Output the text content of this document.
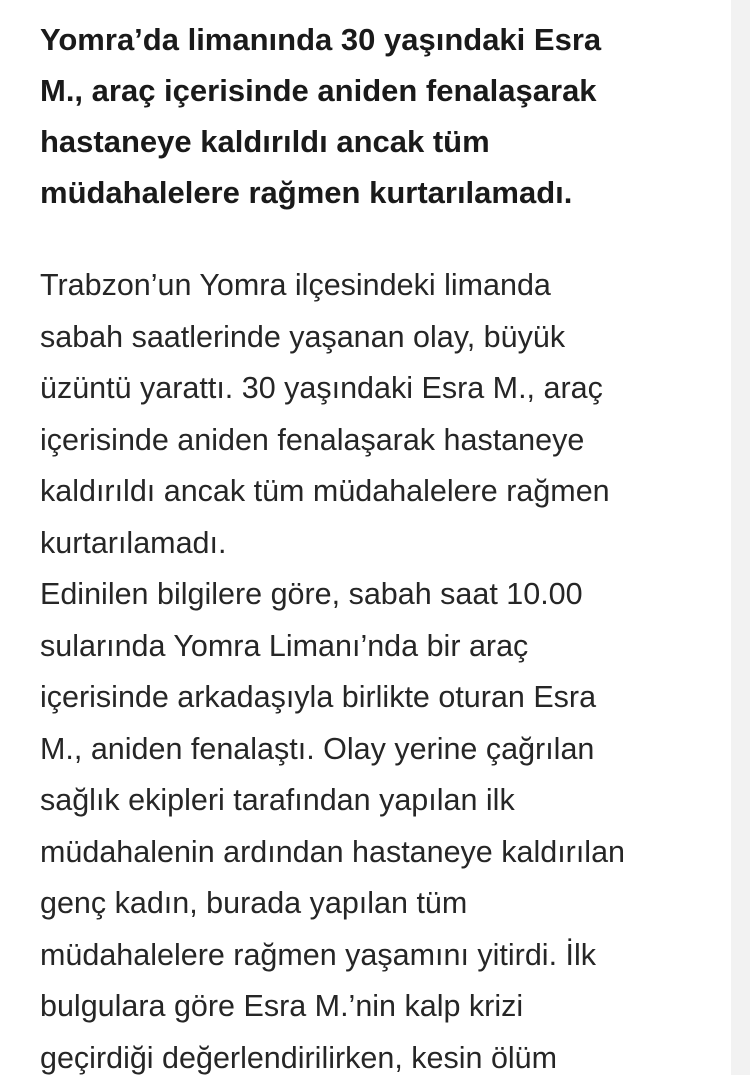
Yomra’da limanında 30 yaşındaki Esra
M., araç içerisinde aniden fenalaşarak
hastaneye kaldırıldı ancak tüm
müdahalelere rağmen kurtarılamadı.

Trabzon’un Yomra ilçesindeki limanda
sabah saatlerinde yaşanan olay, büyük
üzüntü yarattı. 30 yaşındaki Esra M., araç
içerisinde aniden fenalaşarak hastaneye
kaldırıldı ancak tüm müdahalelere rağmen
kurtarılamadı.
Edinilen bilgilere göre, sabah saat 10.00
sularında Yomra Limanı’nda bir araç
içerisinde arkadaşıyla birlikte oturan Esra
M., aniden fenalaştı. Olay yerine çağrılan
sağlık ekipleri tarafından yapılan ilk
müdahalenin ardından hastaneye kaldırılan
genç kadın, burada yapılan tüm
müdahalelere rağmen yaşamını yitirdi. İlk
bulgulara göre Esra M.’nin kalp krizi
geçirdiği değerlendirilirken, kesin ölüm
